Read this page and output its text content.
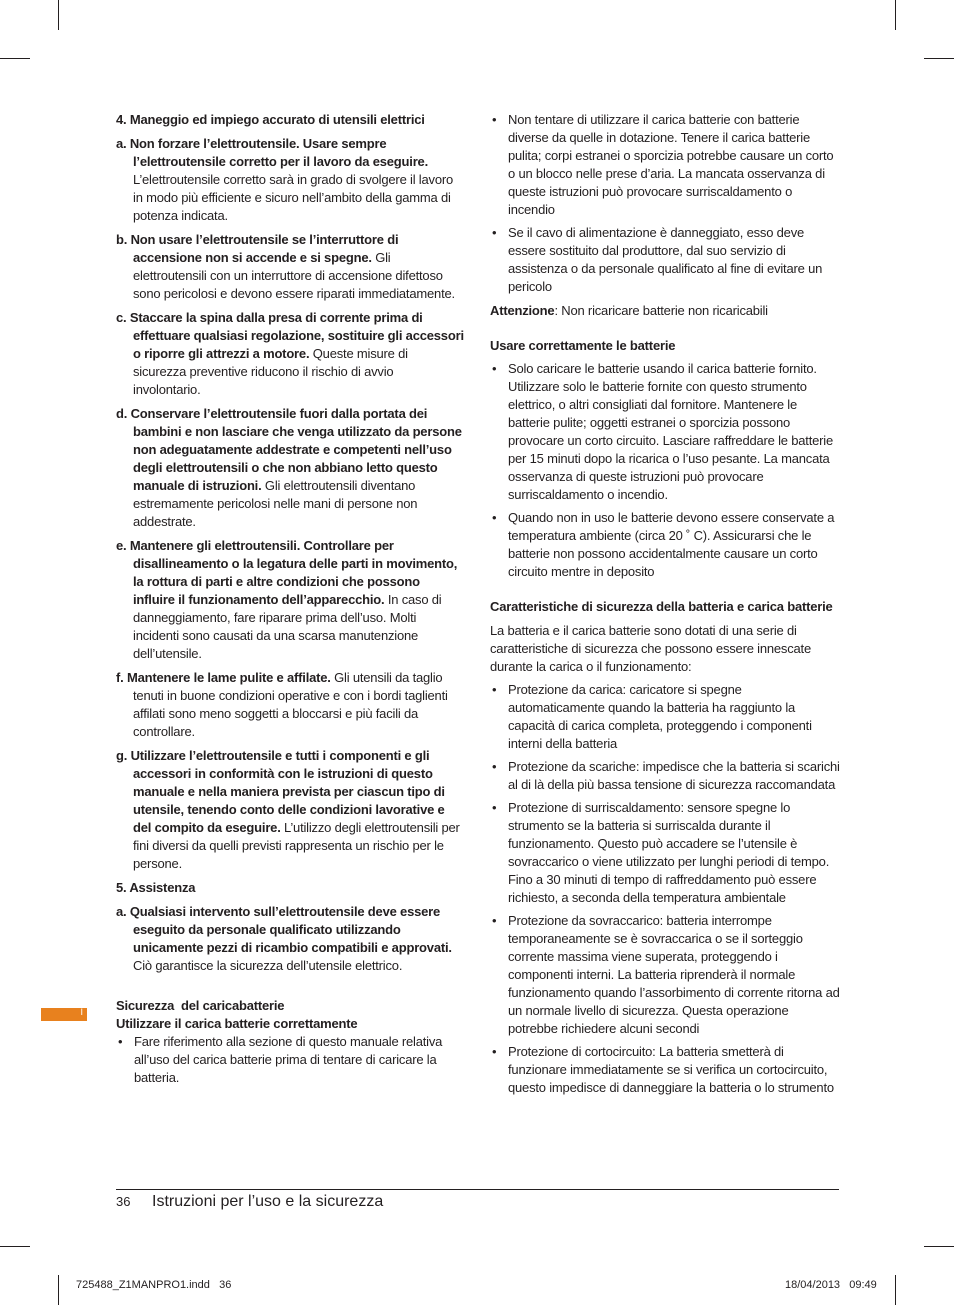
4. Maneggio ed impiego accurato di utensili elettrici
a. Non forzare l’elettroutensile. Usare sempre l’elettroutensile corretto per il lavoro da eseguire. L’elettroutensile corretto sarà in grado di svolgere il lavoro in modo più efficiente e sicuro nell’ambito della gamma di potenza indicata.
b. Non usare l’elettroutensile se l’interruttore di accensione non si accende e si spegne. Gli elettroutensili con un interruttore di accensione difettoso sono pericolosi e devono essere riparati immediatamente.
c. Staccare la spina dalla presa di corrente prima di effettuare qualsiasi regolazione, sostituire gli accessori o riporre gli attrezzi a motore. Queste misure di sicurezza preventive riducono il rischio di avvio involontario.
d. Conservare l’elettroutensile fuori dalla portata dei bambini e non lasciare che venga utilizzato da persone non adeguatamente addestrate e competenti nell’uso degli elettroutensili o che non abbiano letto questo manuale di istruzioni. Gli elettroutensili diventano estremamente pericolosi nelle mani di persone non addestrate.
e. Mantenere gli elettroutensili. Controllare per disallineamento o la legatura delle parti in movimento, la rottura di parti e altre condizioni che possono influire il funzionamento dell’apparecchio. In caso di danneggiamento, fare riparare prima dell’uso. Molti incidenti sono causati da una scarsa manutenzione dell’utensile.
f. Mantenere le lame pulite e affilate. Gli utensili da taglio tenuti in buone condizioni operative e con i bordi taglienti affilati sono meno soggetti a bloccarsi e più facili da controllare.
g. Utilizzare l’elettroutensile e tutti i componenti e gli accessori in conformità con le istruzioni di questo manuale e nella maniera prevista per ciascun tipo di utensile, tenendo conto delle condizioni lavorative e del compito da eseguire. L’utilizzo degli elettroutensili per fini diversi da quelli previsti rappresenta un rischio per le persone.
5. Assistenza
a. Qualsiasi intervento sull’elettroutensile deve essere eseguito da personale qualificato utilizzando unicamente pezzi di ricambio compatibili e approvati. Ciò garantisce la sicurezza dell’utensile elettrico.
Sicurezza  del caricabatterie
Utilizzare il carica batterie correttamente
• Fare riferimento alla sezione di questo manuale relativa all’uso del carica batterie prima di tentare di caricare la batteria.
• Non tentare di utilizzare il carica batterie con batterie diverse da quelle in dotazione. Tenere il carica batterie pulita; corpi estranei o sporcizia potrebbe causare un corto o un blocco nelle prese d’aria. La mancata osservanza di queste istruzioni può provocare surriscaldamento o incendio
• Se il cavo di alimentazione è danneggiato, esso deve essere sostituito dal produttore, dal suo servizio di assistenza o da personale qualificato al fine di evitare un pericolo
Attenzione: Non ricaricare batterie non ricaricabili
Usare correttamente le batterie
• Solo caricare le batterie usando il carica batterie fornito. Utilizzare solo le batterie fornite con questo strumento elettrico, o altri consigliati dal fornitore. Mantenere le batterie pulite; oggetti estranei o sporcizia possono provocare un corto circuito. Lasciare raffreddare le batterie per 15 minuti dopo la ricarica o l’uso pesante. La mancata osservanza di queste istruzioni può provocare surriscaldamento o incendio.
• Quando non in uso le batterie devono essere conservate a temperatura ambiente (circa 20 ˚ C). Assicurarsi che le batterie non possono accidentalmente causare un corto circuito mentre in deposito
Caratteristiche di sicurezza della batteria e carica batterie
La batteria e il carica batterie sono dotati di una serie di caratteristiche di sicurezza che possono essere innescate durante la carica o il funzionamento:
• Protezione da carica: caricatore si spegne automaticamente quando la batteria ha raggiunto la capacità di carica completa, proteggendo i componenti interni della batteria
• Protezione da scariche: impedisce che la batteria si scarichi al di là della più bassa tensione di sicurezza raccomandata
• Protezione di surriscaldamento: sensore spegne lo strumento se la batteria si surriscalda durante il funzionamento. Questo può accadere se l’utensile è sovraccarico o viene utilizzato per lunghi periodi di tempo. Fino a 30 minuti di tempo di raffreddamento può essere richiesto, a seconda della temperatura ambientale
• Protezione da sovraccarico: batteria interrompe temporaneamente se è sovraccarica o se il sorteggio corrente massima viene superata, proteggendo i componenti interni. La batteria riprenderà il normale funzionamento quando l’assorbimento di corrente ritorna ad un normale livello di sicurezza. Questa operazione potrebbe richiedere alcuni secondi
• Protezione di cortocircuito: La batteria smetterà di funzionare immediatamente se si verifica un cortocircuito, questo impedisce di danneggiare la batteria o lo strumento
I
36 Istruzioni per l’uso e la sicurezza
725488_Z1MANPRO1.indd   36	18/04/2013   09:49
